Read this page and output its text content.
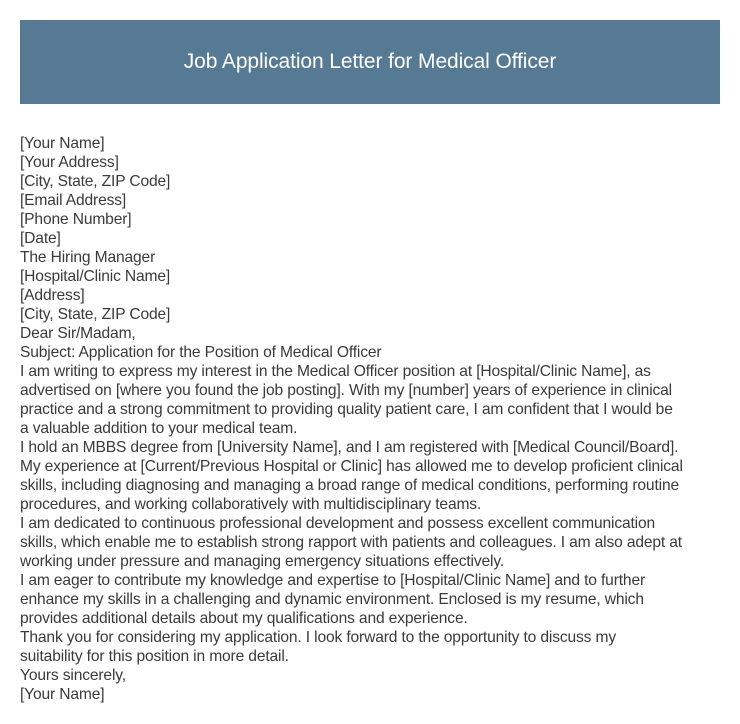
Job Application Letter for Medical Officer
[Your Name]
[Your Address]
[City, State, ZIP Code]
[Email Address]
[Phone Number]
[Date]
The Hiring Manager
[Hospital/Clinic Name]
[Address]
[City, State, ZIP Code]
Dear Sir/Madam,
Subject: Application for the Position of Medical Officer
I am writing to express my interest in the Medical Officer position at [Hospital/Clinic Name], as
advertised on [where you found the job posting]. With my [number] years of experience in clinical
practice and a strong commitment to providing quality patient care, I am confident that I would be
a valuable addition to your medical team.
I hold an MBBS degree from [University Name], and I am registered with [Medical Council/Board].
My experience at [Current/Previous Hospital or Clinic] has allowed me to develop proficient clinical
skills, including diagnosing and managing a broad range of medical conditions, performing routine
procedures, and working collaboratively with multidisciplinary teams.
I am dedicated to continuous professional development and possess excellent communication
skills, which enable me to establish strong rapport with patients and colleagues. I am also adept at
working under pressure and managing emergency situations effectively.
I am eager to contribute my knowledge and expertise to [Hospital/Clinic Name] and to further
enhance my skills in a challenging and dynamic environment. Enclosed is my resume, which
provides additional details about my qualifications and experience.
Thank you for considering my application. I look forward to the opportunity to discuss my
suitability for this position in more detail.
Yours sincerely,
[Your Name]
